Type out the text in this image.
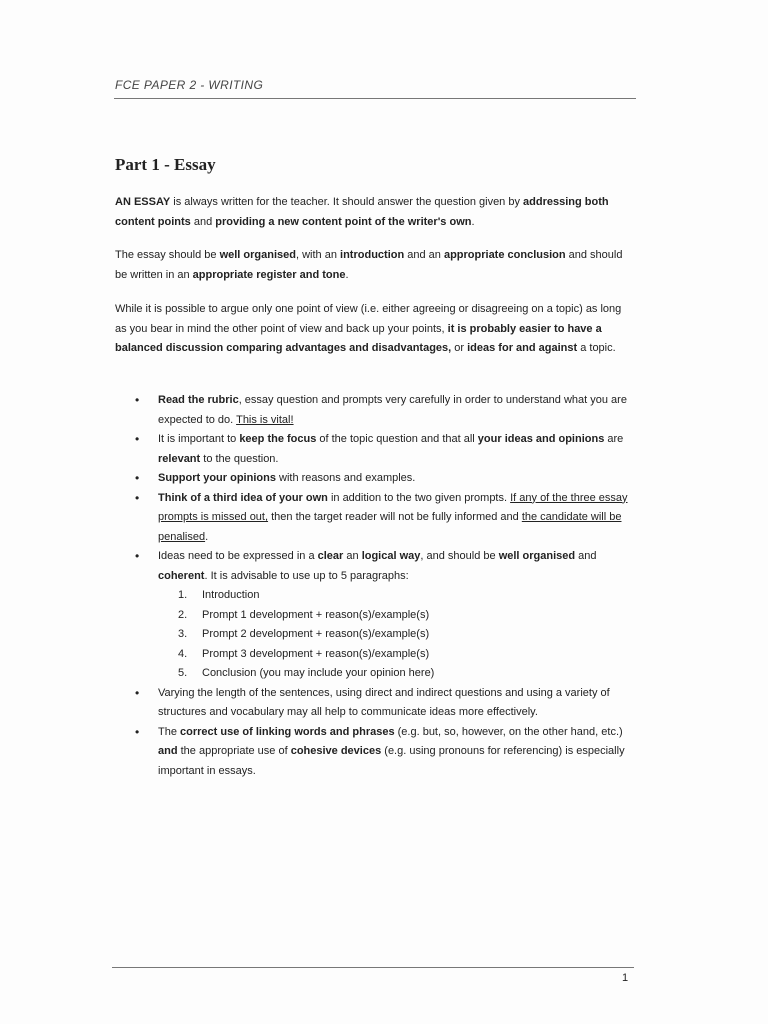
FCE PAPER 2 - WRITING
Part 1 - Essay
AN ESSAY is always written for the teacher. It should answer the question given by addressing both content points and providing a new content point of the writer's own.
The essay should be well organised, with an introduction and an appropriate conclusion and should be written in an appropriate register and tone.
While it is possible to argue only one point of view (i.e. either agreeing or disagreeing on a topic) as long as you bear in mind the other point of view and back up your points, it is probably easier to have a balanced discussion comparing advantages and disadvantages, or ideas for and against a topic.
• Read the rubric, essay question and prompts very carefully in order to understand what you are expected to do. This is vital!
• It is important to keep the focus of the topic question and that all your ideas and opinions are relevant to the question.
• Support your opinions with reasons and examples.
• Think of a third idea of your own in addition to the two given prompts. If any of the three essay prompts is missed out, then the target reader will not be fully informed and the candidate will be penalised.
• Ideas need to be expressed in a clear an logical way, and should be well organised and coherent. It is advisable to use up to 5 paragraphs:
1. Introduction
2. Prompt 1 development + reason(s)/example(s)
3. Prompt 2 development + reason(s)/example(s)
4. Prompt 3 development + reason(s)/example(s)
5. Conclusion (you may include your opinion here)
• Varying the length of the sentences, using direct and indirect questions and using a variety of structures and vocabulary may all help to communicate ideas more effectively.
• The correct use of linking words and phrases (e.g. but, so, however, on the other hand, etc.) and the appropriate use of cohesive devices (e.g. using pronouns for referencing) is especially important in essays.
1
